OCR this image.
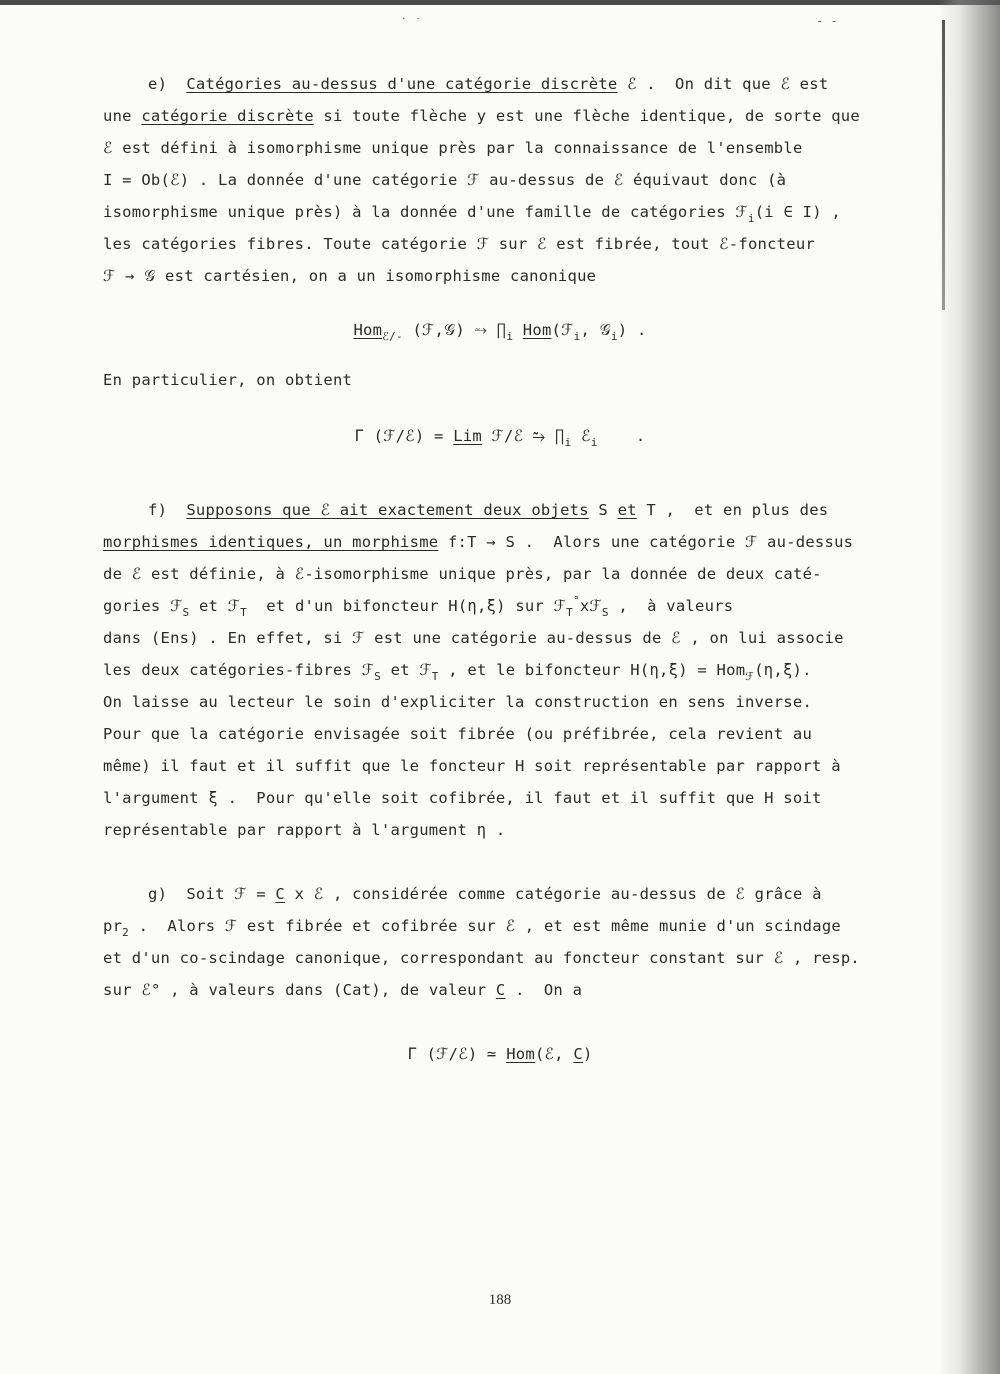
˙ ˙	- -
e)  Catégories au-dessus d'une catégorie discrète ℰ .  On dit que ℰ est
une catégorie discrète si toute flèche y est une flèche identique, de sorte que
ℰ est défini à isomorphisme unique près par la connaissance de l'ensemble
I = Ob(ℰ) . La donnée d'une catégorie ℱ au-dessus de ℰ équivaut donc (à
isomorphisme unique près) à la donnée d'une famille de catégories ℱ$_i$(i ∈ I) ,
les catégories fibres. Toute catégorie ℱ sur ℰ est fibrée, tout ℰ-foncteur
ℱ → 𝒢 est cartésien, on a un isomorphisme canonique
Hom$_{ℰ/-}$ (ℱ,𝒢) ⥲ $\prod_i$ Hom(ℱ$_i$, 𝒢$_i$) .
En particulier, on obtient
Γ (ℱ/ℰ) = Lim ℱ/ℰ ⥲ $\prod_i$ ℰ$_i$    .
f)  Supposons que ℰ ait exactement deux objets S et T ,  et en plus des
morphismes identiques, un morphisme f:T → S .  Alors une catégorie ℱ au-dessus
de ℰ est définie, à ℰ-isomorphisme unique près, par la donnée de deux caté-
gories ℱ$_S$ et ℱ$_T$  et d'un bifoncteur H(η,ξ) sur ℱ$_T$°xℱ$_S$ ,  à valeurs
dans (Ens) . En effet, si ℱ est une catégorie au-dessus de ℰ , on lui associe
les deux catégories-fibres ℱ$_S$ et ℱ$_T$ , et le bifoncteur H(η,ξ) = Hom$_ℱ$(η,ξ).
On laisse au lecteur le soin d'expliciter la construction en sens inverse.
Pour que la catégorie envisagée soit fibrée (ou préfibrée, cela revient au
même) il faut et il suffit que le foncteur H soit représentable par rapport à
l'argument ξ .  Pour qu'elle soit cofibrée, il faut et il suffit que H soit
représentable par rapport à l'argument η .
g)  Soit ℱ = C x ℰ , considérée comme catégorie au-dessus de ℰ grâce à
$pr_2$ .  Alors ℱ est fibrée et cofibrée sur ℰ , et est même munie d'un scindage
et d'un co-scindage canonique, correspondant au foncteur constant sur ℰ , resp.
sur ℰ° , à valeurs dans (Cat), de valeur C .  On a
Γ (ℱ/ℰ) ≃ Hom(ℰ, C)
188
